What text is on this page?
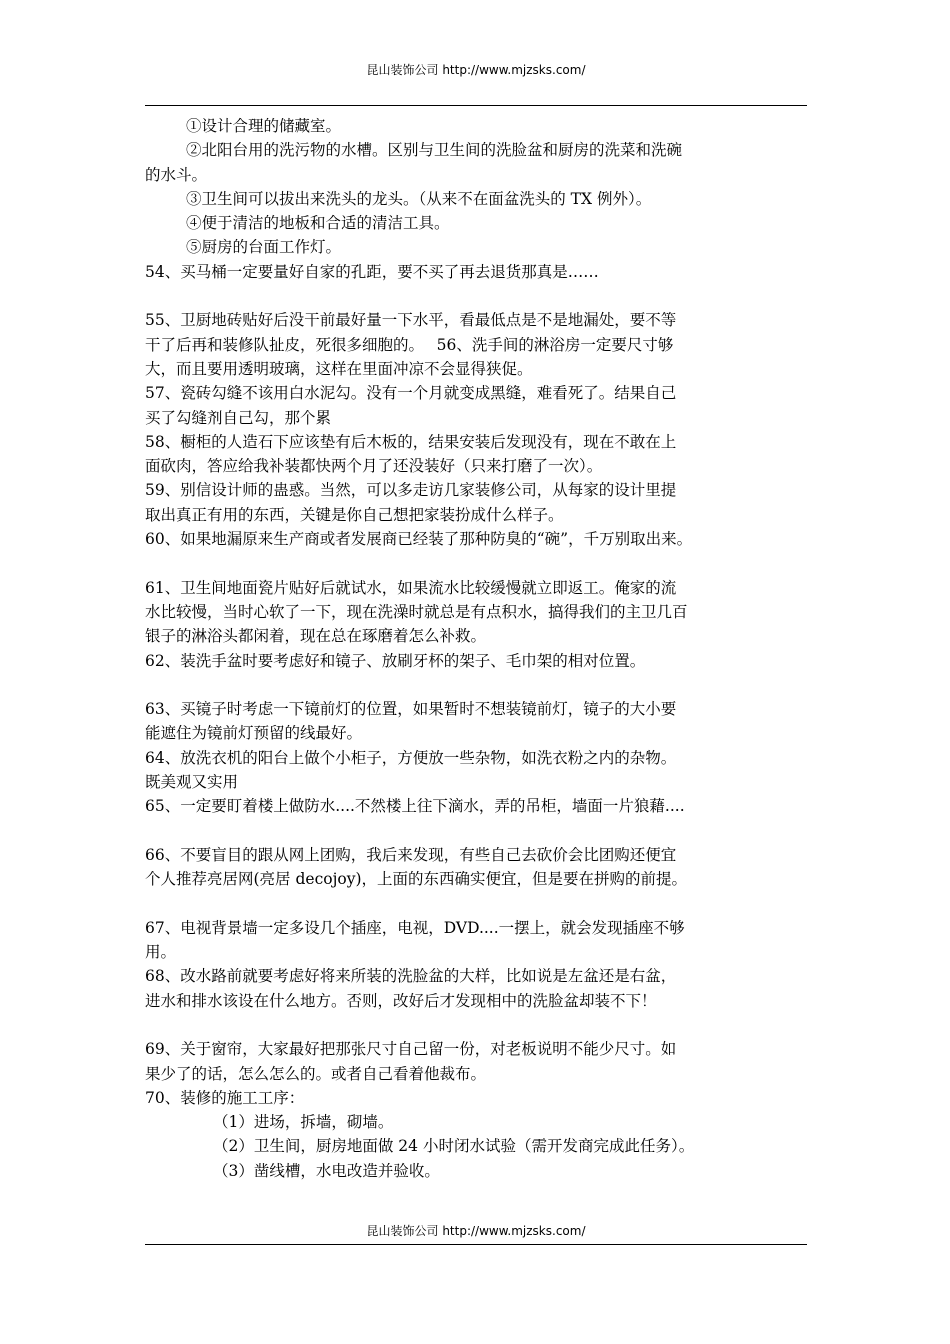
昆山装饰公司 http://www.mjzsks.com/

①设计合理的储藏室。

②北阳台用的洗污物的水槽。区别与卫生间的洗脸盆和厨房的洗菜和洗碗

的水斗。

③卫生间可以拔出来洗头的龙头。（从来不在面盆洗头的 TX 例外）。

④便于清洁的地板和合适的清洁工具。

⑤厨房的台面工作灯。

54、买马桶一定要量好自家的孔距，要不买了再去退货那真是……

55、卫厨地砖贴好后没干前最好量一下水平，看最低点是不是地漏处，要不等

干了后再和装修队扯皮，死很多细胞的。　 56、洗手间的淋浴房一定要尺寸够

大，而且要用透明玻璃，这样在里面冲凉不会显得狭促。

57、瓷砖勾缝不该用白水泥勾。没有一个月就变成黑缝，难看死了。结果自己

买了勾缝剂自己勾，那个累

58、橱柜的人造石下应该垫有后木板的，结果安装后发现没有，现在不敢在上

面砍肉，答应给我补装都快两个月了还没装好（只来打磨了一次）。

59、别信设计师的蛊惑。当然，可以多走访几家装修公司，从每家的设计里提

取出真正有用的东西，关键是你自己想把家装扮成什么样子。

60、如果地漏原来生产商或者发展商已经装了那种防臭的“碗”，千万别取出来。

61、卫生间地面瓷片贴好后就试水，如果流水比较缓慢就立即返工。俺家的流

水比较慢，当时心软了一下，现在洗澡时就总是有点积水，搞得我们的主卫几百

银子的淋浴头都闲着，现在总在琢磨着怎么补救。

62、装洗手盆时要考虑好和镜子、放刷牙杯的架子、毛巾架的相对位置。

63、买镜子时考虑一下镜前灯的位置，如果暂时不想装镜前灯，镜子的大小要

能遮住为镜前灯预留的线最好。

64、放洗衣机的阳台上做个小柜子，方便放一些杂物，如洗衣粉之内的杂物。

既美观又实用

65、一定要盯着楼上做防水....不然楼上往下滴水，弄的吊柜，墙面一片狼藉....

66、不要盲目的跟从网上团购，我后来发现，有些自己去砍价会比团购还便宜

个人推荐亮居网(亮居 decojoy)，上面的东西确实便宜，但是要在拼购的前提。

67、电视背景墙一定多设几个插座，电视，DVD....一摆上，就会发现插座不够

用。

68、改水路前就要考虑好将来所装的洗脸盆的大样，比如说是左盆还是右盆，

进水和排水该设在什么地方。否则，改好后才发现相中的洗脸盆却装不下！

69、关于窗帘，大家最好把那张尺寸自己留一份，对老板说明不能少尺寸。如

果少了的话，怎么怎么的。或者自己看着他裁布。

70、装修的施工工序：

（1）进场，拆墙，砌墙。

（2）卫生间，厨房地面做 24 小时闭水试验（需开发商完成此任务）。

（3）凿线槽，水电改造并验收。

昆山装饰公司 http://www.mjzsks.com/
